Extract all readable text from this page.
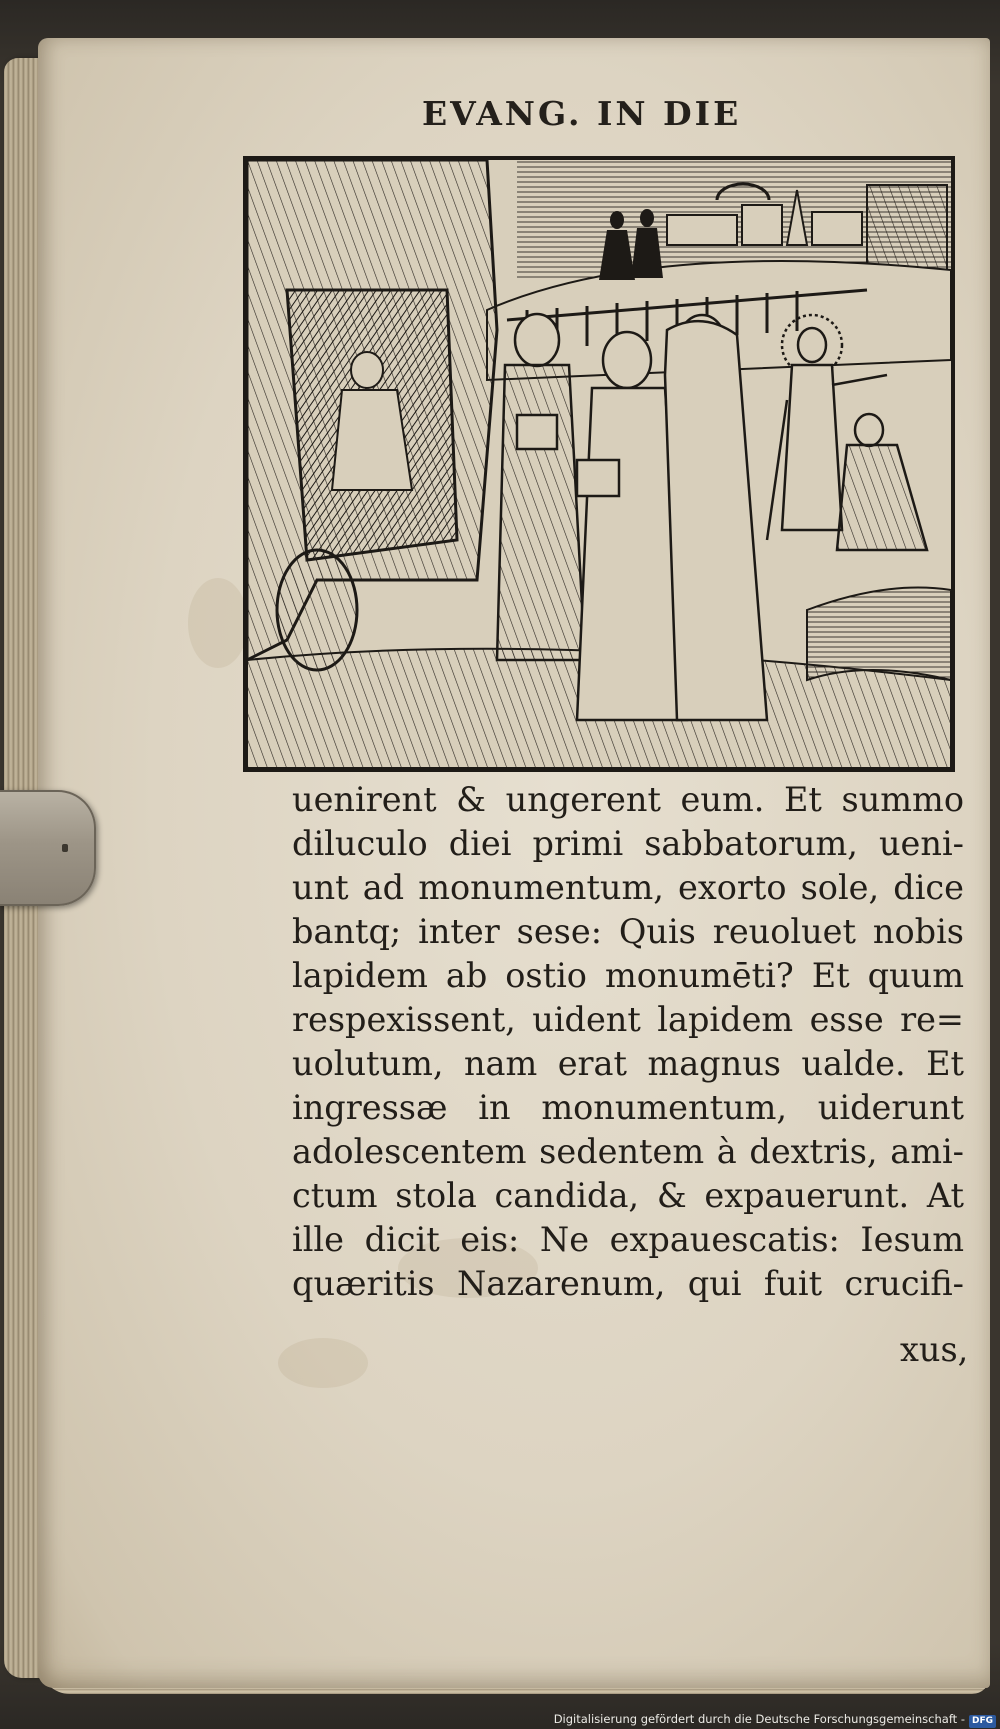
EVANG. IN DIE
uenirent & ungerent eum. Et summo
diluculo diei primi sabbatorum, ueni-
unt ad monumentum, exorto sole, dice
bantq; inter sese: Quis reuoluet nobis
lapidem ab ostio monumēti? Et quum
respexissent, uident lapidem esse re=
uolutum, nam erat magnus ualde. Et
ingressæ in monumentum, uiderunt
adolescentem sedentem à dextris, ami-
ctum stola candida, & expauerunt. At
ille dicit eis: Ne expauescatis: Iesum
quæritis Nazarenum, qui fuit crucifi-
xus,
Digitalisierung gefördert durch die Deutsche Forschungsgemeinschaft - DFG
